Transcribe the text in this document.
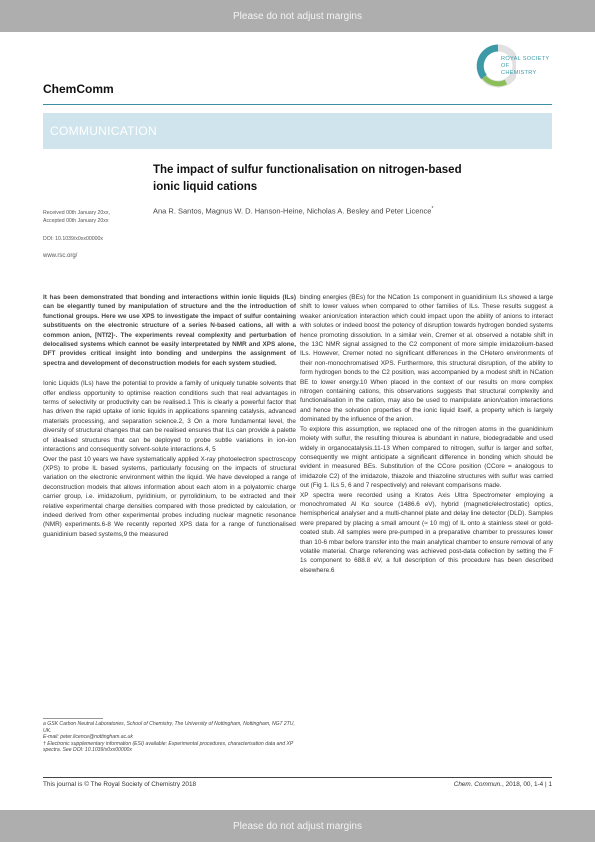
Please do not adjust margins
ROYAL SOCIETY
OF
CHEMISTRY
ChemComm
COMMUNICATION
The impact of sulfur functionalisation on nitrogen-based ionic liquid cations
Ana R. Santos, Magnus W. D. Hanson-Heine, Nicholas A. Besley and Peter Licence*
Received 00th January 20xx,
Accepted 00th January 20xx
DOI: 10.1039/x0xx00000x
www.rsc.org/

It has been demonstrated that bonding and interactions within ionic liquids (ILs) can be elegantly tuned by manipulation of structure and the the introduction of functional groups. Here we use XPS to investigate the impact of sulfur containing substituents on the electronic structure of a series N-based cations, all with a common anion, [NTf2]-. The experiments reveal complexity and perturbation of delocalised systems which cannot be easily interpretated by NMR and XPS alone, DFT provides critical insight into bonding and underpins the assignment of spectra and development of deconstruction models for each system studied.

Ionic Liquids (ILs) have the potential to provide a family of uniquely tunable solvents that offer endless opportunity to optimise reaction conditions such that real advantages in terms of selectivity or productivity can be realised.1 This is clearly a powerful factor that has driven the rapid uptake of ionic liquids in applications spanning catalysis, advanced materials processing, and separation science.2, 3 On a more fundamental level, the diversity of structural changes that can be realised ensures that ILs can provide a palette of idealised structures that can be deployed to probe subtle variations in ion-ion interactions and consequently solvent-solute interactions.4, 5

Over the past 10 years we have systematically applied X-ray photoelectron spectroscopy (XPS) to probe IL based systems, particularly focusing on the impacts of structural variation on the electronic environment within the liquid. We have developed a range of deconstruction models that allows information about each atom in a polyatomic charge carrier group, i.e. imidazolium, pyridinium, or pyrrolidinium, to be extracted and their relative experimental charge densities compared with those predicted by calculation, or indeed derived from other experimental probes including nuclear magnetic resonance (NMR) experiments.6-8 We recently reported XPS data for a range of functionalised guanidinium based systems,9 the measured

binding energies (BEs) for the NCation 1s component in guanidinium ILs showed a large shift to lower values when compared to other families of ILs. These results suggest a weaker anion/cation interaction which could impact upon the ability of anions to interact with solutes or indeed boost the potency of disruption towards hydrogen bonded systems hence promoting dissolution. In a similar vein, Cremer et al. observed a notable shift in the 13C NMR signal assigned to the C2 component of more simple imidazolium-based ILs. However, Cremer noted no significant differences in the CHetero environments of their non-monochromatised XPS. Furthermore, this structural disruption, of the ability to form hydrogen bonds to the C2 position, was accompanied by a modest shift in NCation BE to lower energy.10 When placed in the context of our results on more complex nitrogen containing cations, this observations suggests that structural complexity and functionalisation in the cation, may also be used to manipulate anion/cation interactions and hence the solvation properties of the ionic liquid itself, a property which is largely dominated by the influence of the anion.

To explore this assumption, we replaced one of the nitrogen atoms in the guanidinium moiety with sulfur, the resulting thiourea is abundant in nature, biodegradable and used widely in organocatalysis.11-13 When compared to nitrogen, sulfur is larger and softer, consequently we might anticipate a significant difference in bonding which should be evident in measured BEs. Substitution of the CCore position (CCore = analogous to imidazole C2) of the imidazole, thiazole and thiazoline structures with sulfur was carried out (Fig 1. ILs 5, 6 and 7 respectively) and relevant comparisons made.

XP spectra were recorded using a Kratos Axis Ultra Spectrometer employing a monochromated Al Kα source (1486.6 eV), hybrid (magnetic/electrostatic) optics, hemispherical analyser and a multi-channel plate and delay line detector (DLD). Samples were prepared by placing a small amount (≈ 10 mg) of IL onto a stainless steel or gold-coated stub. All samples were pre-pumped in a preparative chamber to pressures lower than 10-6 mbar before transfer into the main analytical chamber to ensure removal of any volatile material. Charge referencing was achieved post-data collection by setting the F 1s component to 688.8 eV, a full description of this procedure has been described elsewhere.6

a GSK Carbon Neutral Laboratories, School of Chemistry, The University of Nottingham, Nottingham, NG7 2TU, UK.

E-mail: peter.licence@nottingham.ac.uk

† Electronic supplementary information (ESI) available: Experimental procedures, characterisation data and XP spectra. See DOI: 10.1039/x0xx00000x

This journal is © The Royal Society of Chemistry 2018	Chem. Commun., 2018, 00, 1-4 | 1
Please do not adjust margins
